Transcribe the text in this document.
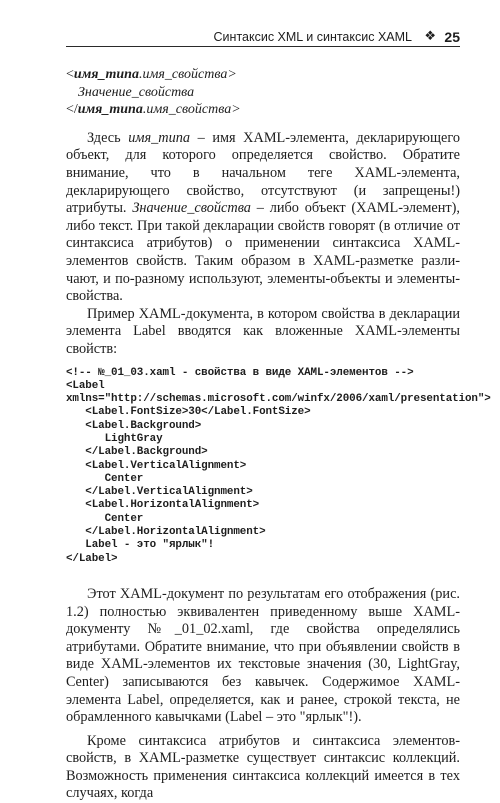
Синтаксис XML и синтаксис XAML ❖ 25
<имя_типа.имя_свойства>
Значение_свойства
</имя_типа.имя_свойства>

Здесь имя_типа – имя XAML-элемента, декларирующего объект, для которого определяется свойство. Обратите внимание, что в начальном теге XAML-элемента, декларирующего свойство, отсутствуют (и запрещены!) атрибуты. Значение_свойства – либо объект (XAML-элемент), либо текст. При такой декларации свойств говорят (в отличие от синтаксиса атрибутов) о применении синтаксиса XAML-элементов свойств. Таким образом в XAML-разметке различают, и по-разному используют, элементы-объекты и элементы-свойства.

Пример XAML-документа, в котором свойства в декларации элемента Label вводятся как вложенные XAML-элементы свойств:

<!-- №_01_03.xaml - свойства в виде XAML-элементов -->
<Label
xmlns="http://schemas.microsoft.com/winfx/2006/xaml/presentation">
<Label.FontSize>30</Label.FontSize>
<Label.Background>
LightGray
</Label.Background>
<Label.VerticalAlignment>
Center
</Label.VerticalAlignment>
<Label.HorizontalAlignment>
Center
</Label.HorizontalAlignment>
Label - это "ярлык"!
</Label>

Этот XAML-документ по результатам его отображения (рис. 1.2) полностью эквивалентен приведенному выше XAML-документу №_01_02.xaml, где свойства определялись атрибутами. Обратите внимание, что при объявлении свойств в виде XAML-элементов их текстовые значения (30, LightGray, Center) записываются без кавычек. Содержимое XAML-элемента Label, определяется, как и ранее, строкой текста, не обрамленного кавычками (Label – это "ярлык"!).

Кроме синтаксиса атрибутов и синтаксиса элементов-свойств, в XAML-разметке существует синтаксис коллекций. Возможность применения синтаксиса коллекций имеется в тех случаях, когда
